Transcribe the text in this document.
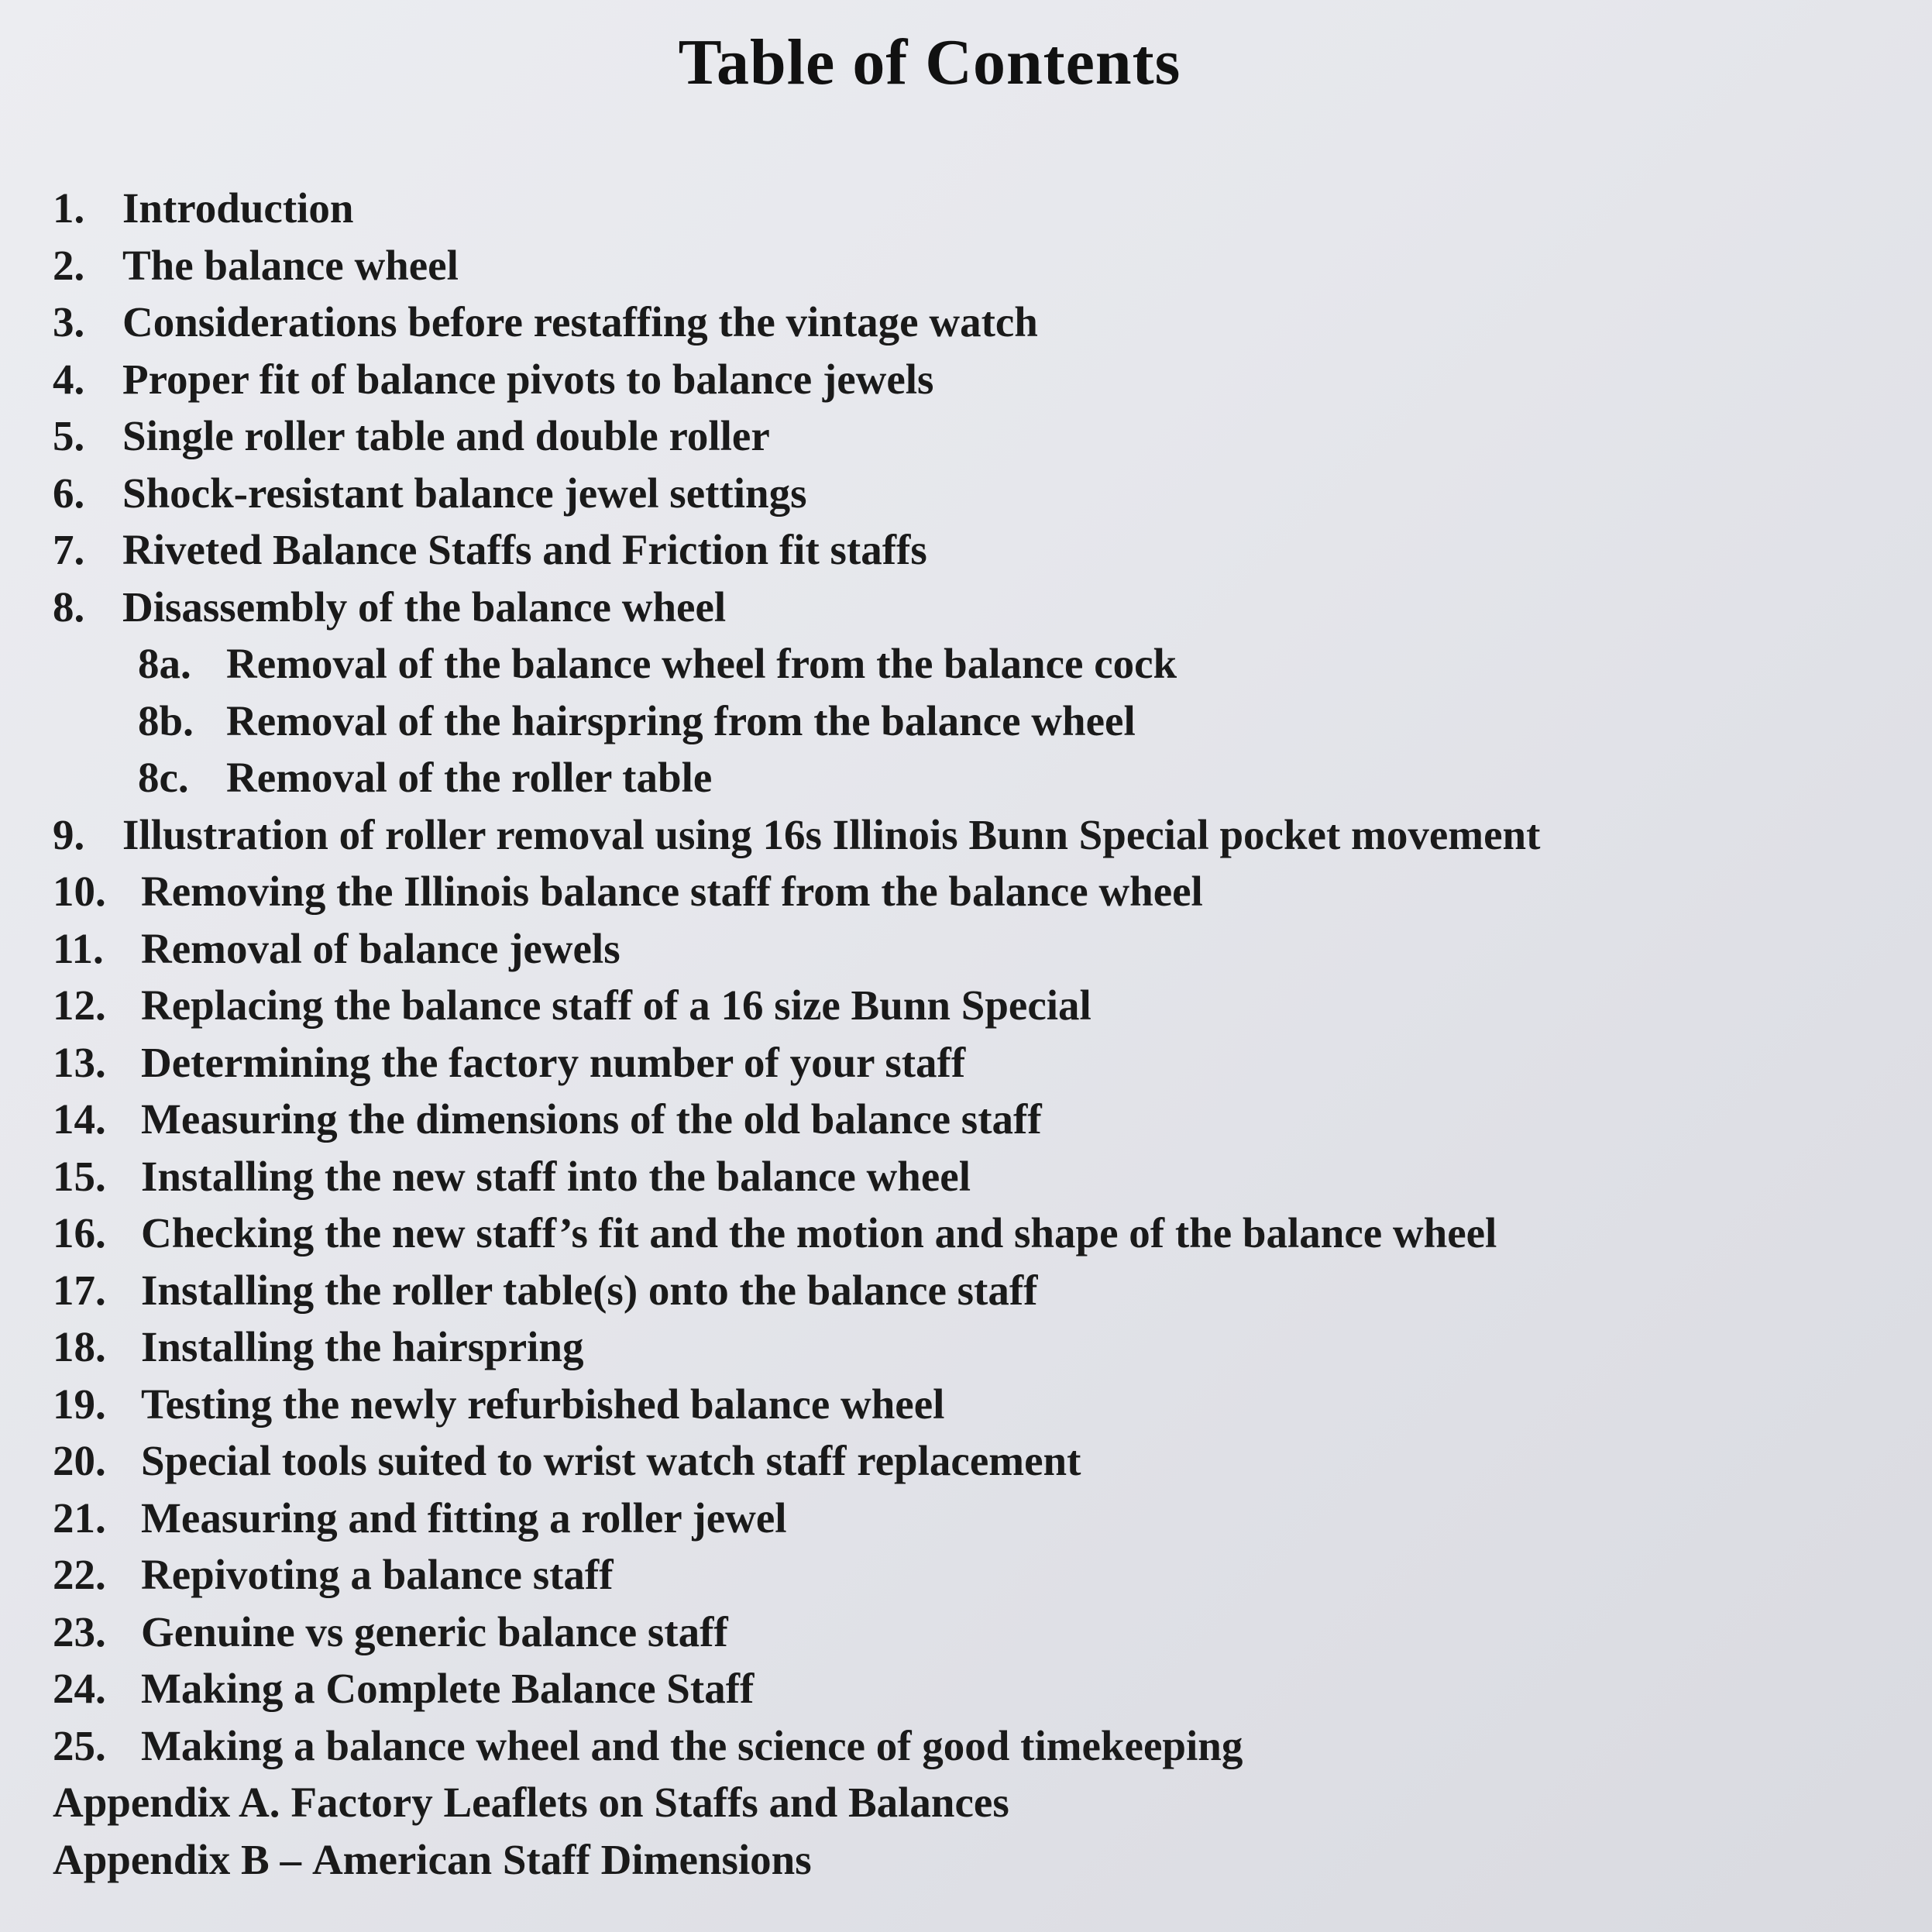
Table of Contents
1. Introduction
2. The balance wheel
3. Considerations before restaffing the vintage watch
4. Proper fit of balance pivots to balance jewels
5. Single roller table and double roller
6. Shock-resistant balance jewel settings
7. Riveted Balance Staffs and Friction fit staffs
8. Disassembly of the balance wheel
8a. Removal of the balance wheel from the balance cock
8b. Removal of the hairspring from the balance wheel
8c. Removal of the roller table
9. Illustration of roller removal using 16s Illinois Bunn Special pocket movement
10. Removing the Illinois balance staff from the balance wheel
11. Removal of balance jewels
12. Replacing the balance staff of a 16 size Bunn Special
13. Determining the factory number of your staff
14. Measuring the dimensions of the old balance staff
15. Installing the new staff into the balance wheel
16. Checking the new staff’s fit and the motion and shape of the balance wheel
17. Installing the roller table(s) onto the balance staff
18. Installing the hairspring
19. Testing the newly refurbished balance wheel
20. Special tools suited to wrist watch staff replacement
21. Measuring and fitting a roller jewel
22. Repivoting a balance staff
23. Genuine vs generic balance staff
24. Making a Complete Balance Staff
25. Making a balance wheel and the science of good timekeeping
Appendix A. Factory Leaflets on Staffs and Balances
Appendix B – American Staff Dimensions
